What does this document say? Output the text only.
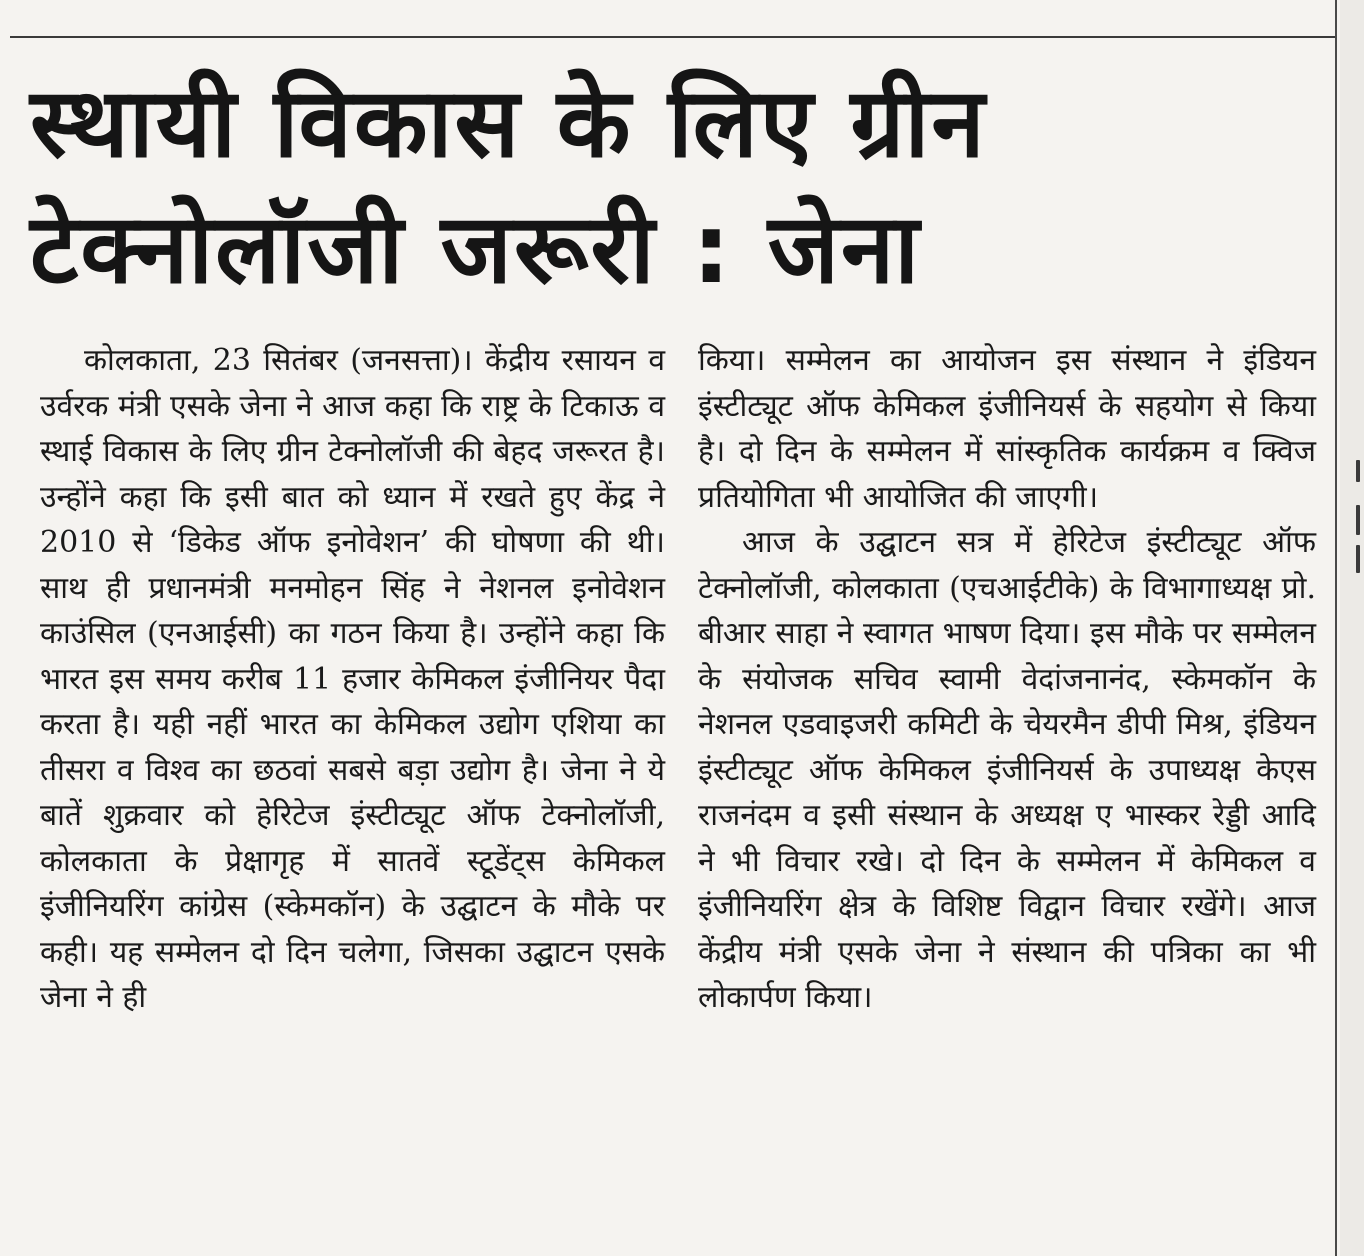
स्थायी विकास के लिए ग्रीन टेक्नोलॉजी जरूरी : जेना

कोलकाता, 23 सितंबर (जनसत्ता)। केंद्रीय रसायन व उर्वरक मंत्री एसके जेना ने आज कहा कि राष्ट्र के टिकाऊ व स्थाई विकास के लिए ग्रीन टेक्नोलॉजी की बेहद जरूरत है। उन्होंने कहा कि इसी बात को ध्यान में रखते हुए केंद्र ने 2010 से ‘डिकेड ऑफ इनोवेशन’ की घोषणा की थी। साथ ही प्रधानमंत्री मनमोहन सिंह ने नेशनल इनोवेशन काउंसिल (एनआईसी) का गठन किया है। उन्होंने कहा कि भारत इस समय करीब 11 हजार केमिकल इंजीनियर पैदा करता है। यही नहीं भारत का केमिकल उद्योग एशिया का तीसरा व विश्व का छठवां सबसे बड़ा उद्योग है। जेना ने ये बातें शुक्रवार को हेरिटेज इंस्टीट्यूट ऑफ टेक्नोलॉजी, कोलकाता के प्रेक्षागृह में सातवें स्टूडेंट्स केमिकल इंजीनियरिंग कांग्रेस (स्केमकॉन) के उद्घाटन के मौके पर कही। यह सम्मेलन दो दिन चलेगा, जिसका उद्घाटन एसके जेना ने ही

किया। सम्मेलन का आयोजन इस संस्थान ने इंडियन इंस्टीट्यूट ऑफ केमिकल इंजीनियर्स के सहयोग से किया है। दो दिन के सम्मेलन में सांस्कृतिक कार्यक्रम व क्विज प्रतियोगिता भी आयोजित की जाएगी।

आज के उद्घाटन सत्र में हेरिटेज इंस्टीट्यूट ऑफ टेक्नोलॉजी, कोलकाता (एचआईटीके) के विभागाध्यक्ष प्रो. बीआर साहा ने स्वागत भाषण दिया। इस मौके पर सम्मेलन के संयोजक सचिव स्वामी वेदांजनानंद, स्केमकॉन के नेशनल एडवाइजरी कमिटी के चेयरमैन डीपी मिश्र, इंडियन इंस्टीट्यूट ऑफ केमिकल इंजीनियर्स के उपाध्यक्ष केएस राजनंदम व इसी संस्थान के अध्यक्ष ए भास्कर रेड्डी आदि ने भी विचार रखे। दो दिन के सम्मेलन में केमिकल व इंजीनियरिंग क्षेत्र के विशिष्ट विद्वान विचार रखेंगे। आज केंद्रीय मंत्री एसके जेना ने संस्थान की पत्रिका का भी लोकार्पण किया।
